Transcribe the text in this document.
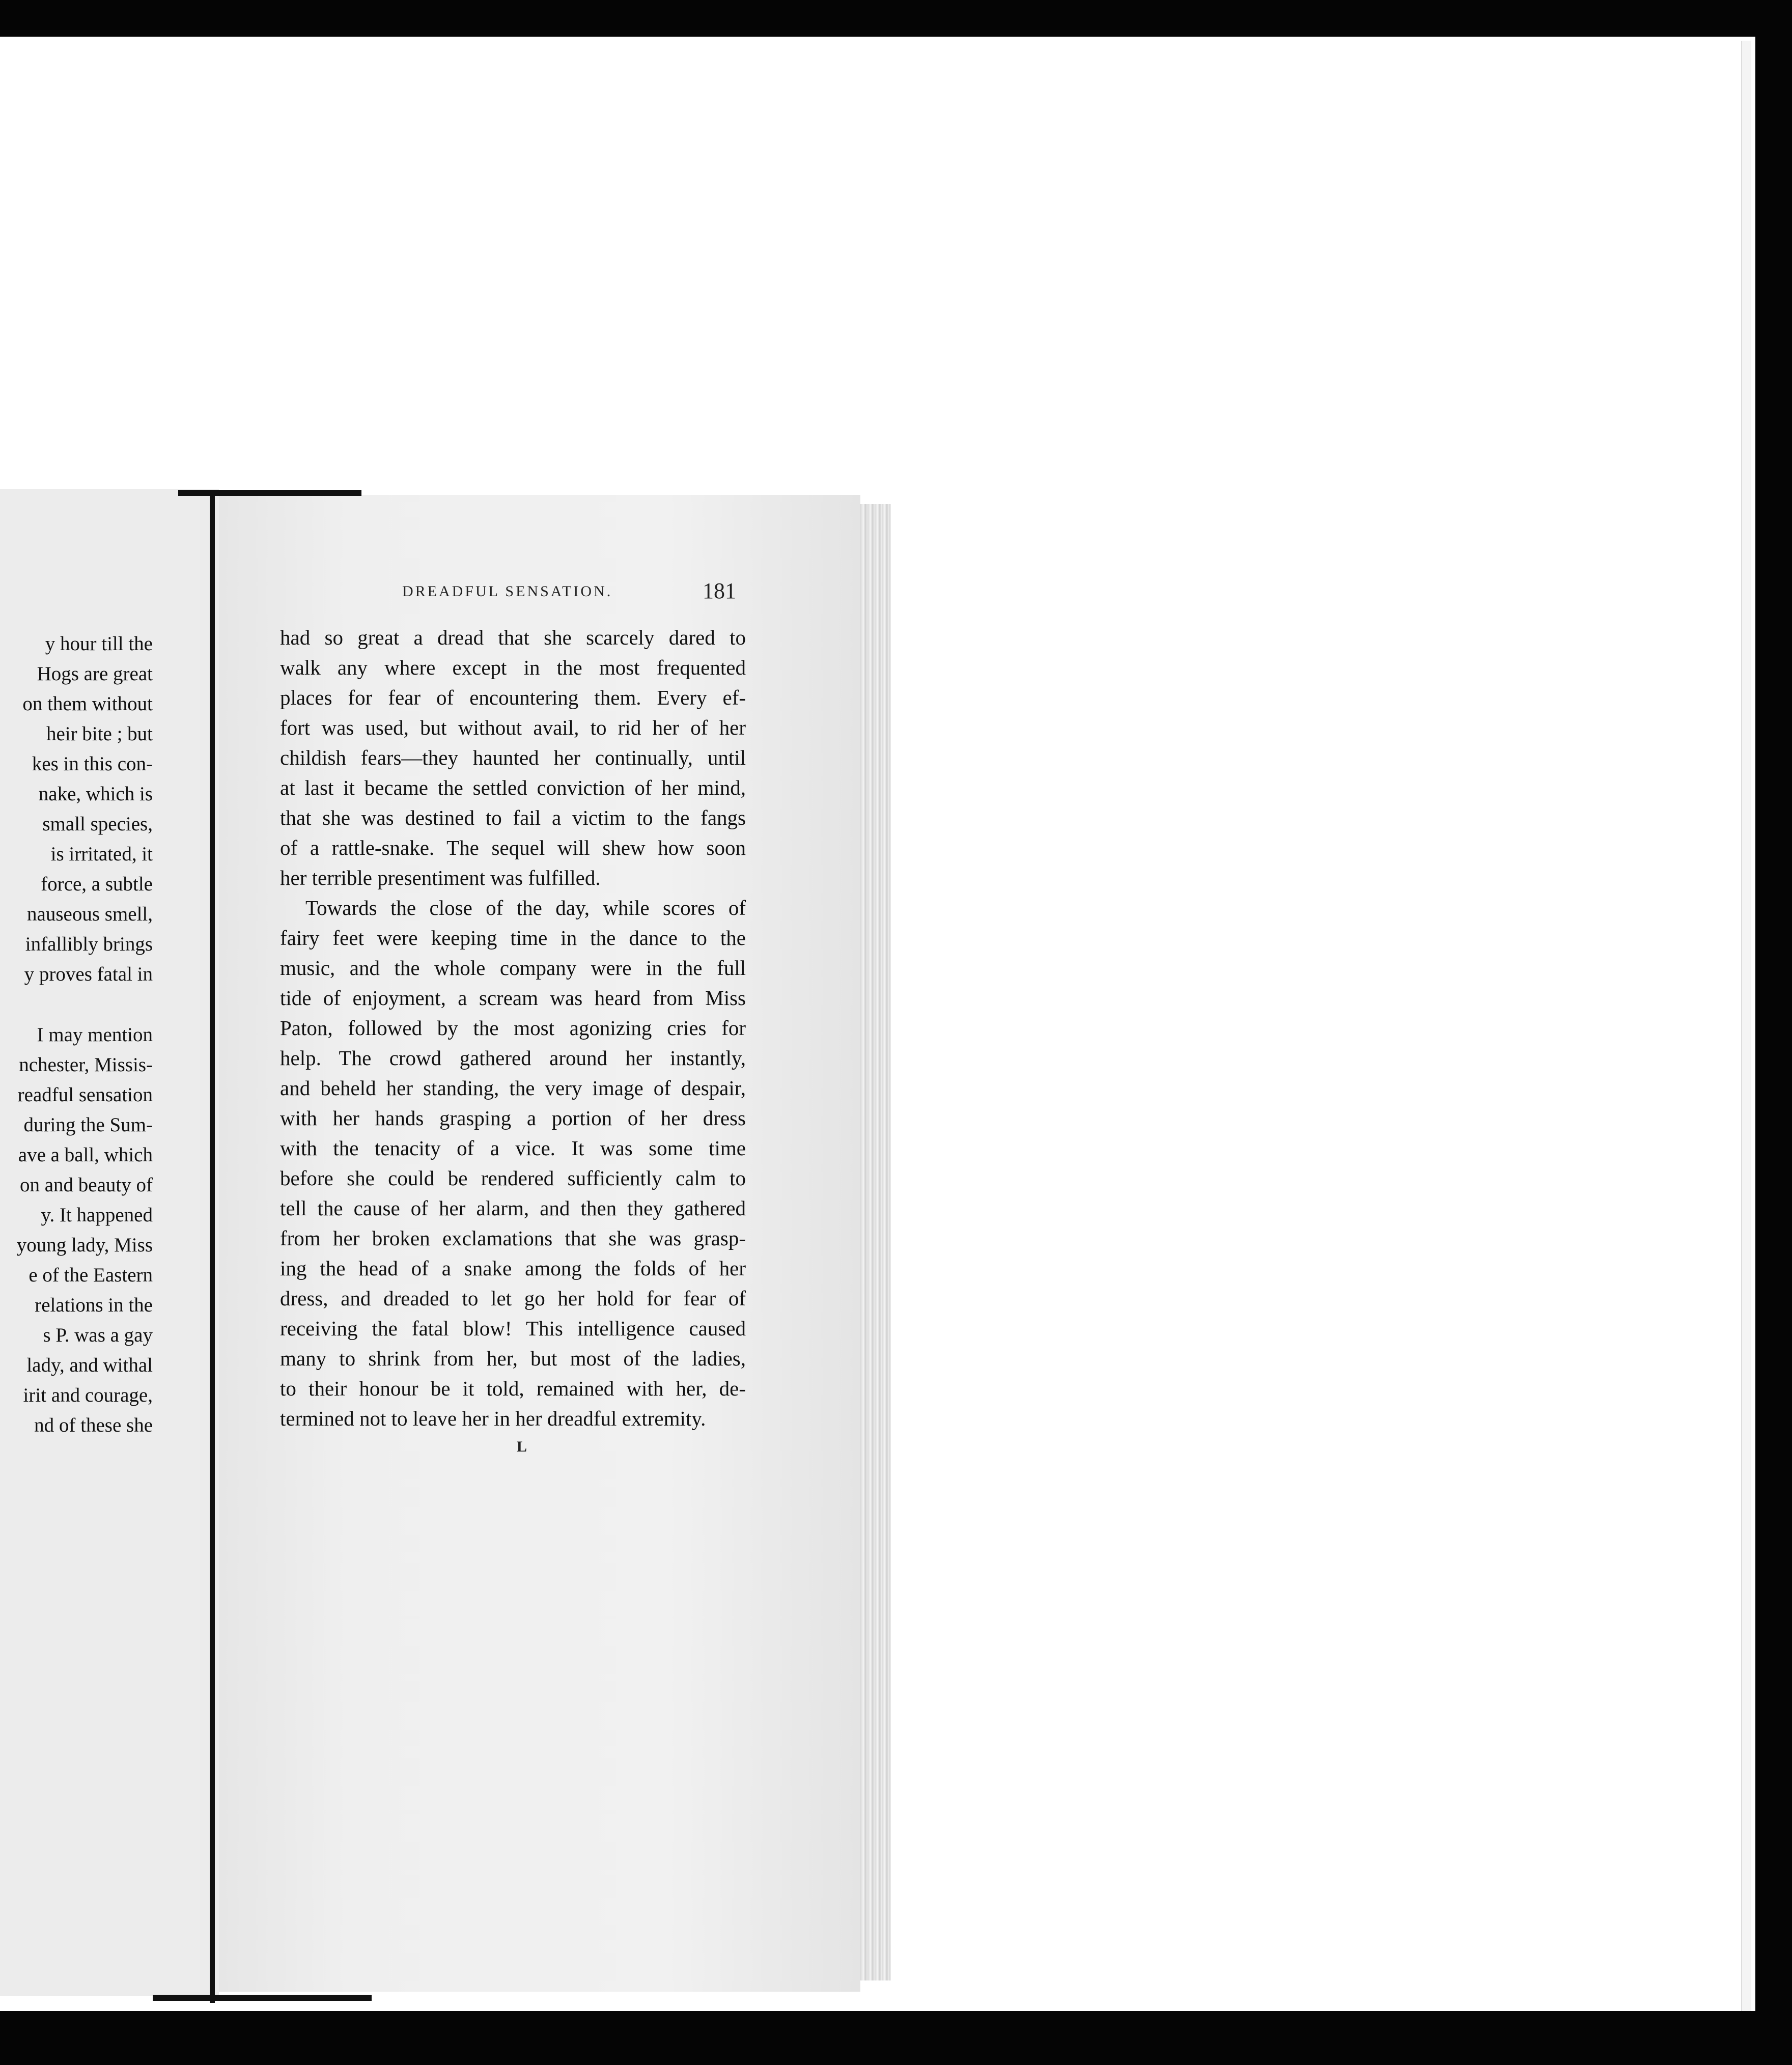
y hour till the
Hogs are great
on them without
heir bite ; but
kes in this con-
nake, which is
small species,
is irritated, it
force, a subtle
nauseous smell,
infallibly brings
y proves fatal in
I may mention
nchester, Missis-
readful sensation
during the Sum-
ave a ball, which
on and beauty of
y. It happened
young lady, Miss
e of the Eastern
relations in the
s P. was a gay
lady, and withal
irit and courage,
nd of these she
DREADFUL SENSATION.	181
had so great a dread that she scarcely dared to
walk any where except in the most frequented
places for fear of encountering them. Every ef-
fort was used, but without avail, to rid her of her
childish fears—they haunted her continually, until
at last it became the settled conviction of her mind,
that she was destined to fail a victim to the fangs
of a rattle-snake. The sequel will shew how soon
her terrible presentiment was fulfilled.
Towards the close of the day, while scores of
fairy feet were keeping time in the dance to the
music, and the whole company were in the full
tide of enjoyment, a scream was heard from Miss
Paton, followed by the most agonizing cries for
help. The crowd gathered around her instantly,
and beheld her standing, the very image of despair,
with her hands grasping a portion of her dress
with the tenacity of a vice. It was some time
before she could be rendered sufficiently calm to
tell the cause of her alarm, and then they gathered
from her broken exclamations that she was grasp-
ing the head of a snake among the folds of her
dress, and dreaded to let go her hold for fear of
receiving the fatal blow! This intelligence caused
many to shrink from her, but most of the ladies,
to their honour be it told, remained with her, de-
termined not to leave her in her dreadful extremity.
L
